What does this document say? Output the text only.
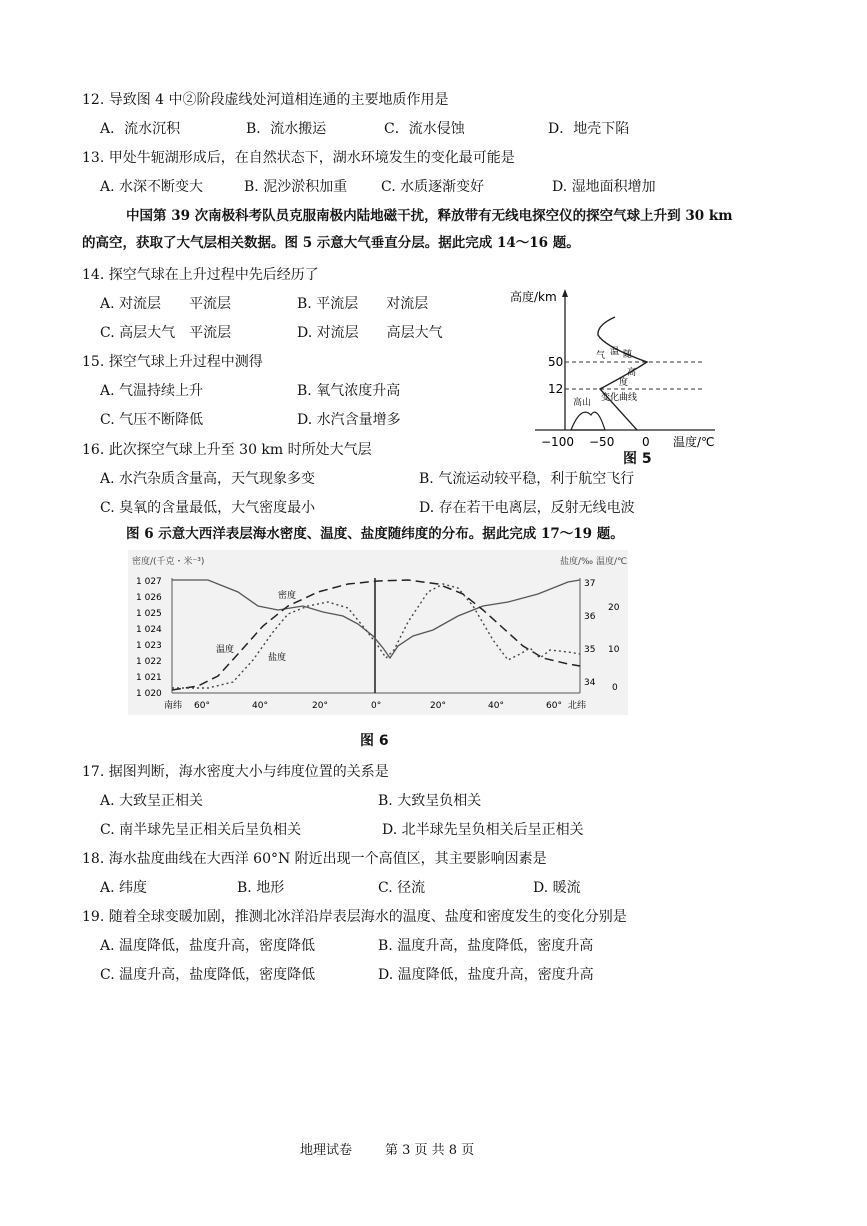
12. 导致图 4 中②阶段虚线处河道相连通的主要地质作用是
A．流水沉积	B．流水搬运	C．流水侵蚀	D．地壳下陷
13. 甲处牛轭湖形成后，在自然状态下，湖水环境发生的变化最可能是
A. 水深不断变大	B. 泥沙淤积加重 C. 水质逐渐变好	D. 湿地面积增加
中国第 39 次南极科考队员克服南极内陆地磁干扰，释放带有无线电探空仪的探空气球上升到 30 km
的高空，获取了大气层相关数据。图 5 示意大气垂直分层。据此完成 14～16 题。
14. 探空气球在上升过程中先后经历了
A. 对流层　　平流层	B. 平流层　　对流层
C. 高层大气　平流层	D. 对流层　　高层大气
15. 探空气球上升过程中测得
A. 气温持续上升	B. 氧气浓度升高
C. 气压不断降低	D. 水汽含量增多
高度/km
50
12
气 温 随
高
度
变化曲线
高山
−100 −50 0 温度/℃
图 5
16. 此次探空气球上升至 30 km 时所处大气层
A. 水汽杂质含量高，天气现象多变	B. 气流运动较平稳，利于航空飞行
C. 臭氧的含量最低，大气密度最小	D. 存在若干电离层，反射无线电波
图 6 示意大西洋表层海水密度、温度、盐度随纬度的分布。据此完成 17～19 题。
密度/(千克・米⁻³)	盐度/‰ 温度/℃
1 027
1 026
1 025
1 024
1 023
1 022
1 021
1 020
37
36
35
34
20
10
0
密度
温度
盐度
南纬 60°	40°	20°	0°	20°	40°	60° 北纬
图 6
17. 据图判断，海水密度大小与纬度位置的关系是
A. 大致呈正相关	B. 大致呈负相关
C. 南半球先呈正相关后呈负相关	D. 北半球先呈负相关后呈正相关
18. 海水盐度曲线在大西洋 60°N 附近出现一个高值区，其主要影响因素是
A. 纬度	B. 地形	C. 径流	D. 暖流
19. 随着全球变暖加剧，推测北冰洋沿岸表层海水的温度、盐度和密度发生的变化分别是
A. 温度降低，盐度升高，密度降低	B. 温度升高，盐度降低，密度升高
C. 温度升高，盐度降低，密度降低	D. 温度降低，盐度升高，密度升高
地理试卷	第 3 页 共 8 页
